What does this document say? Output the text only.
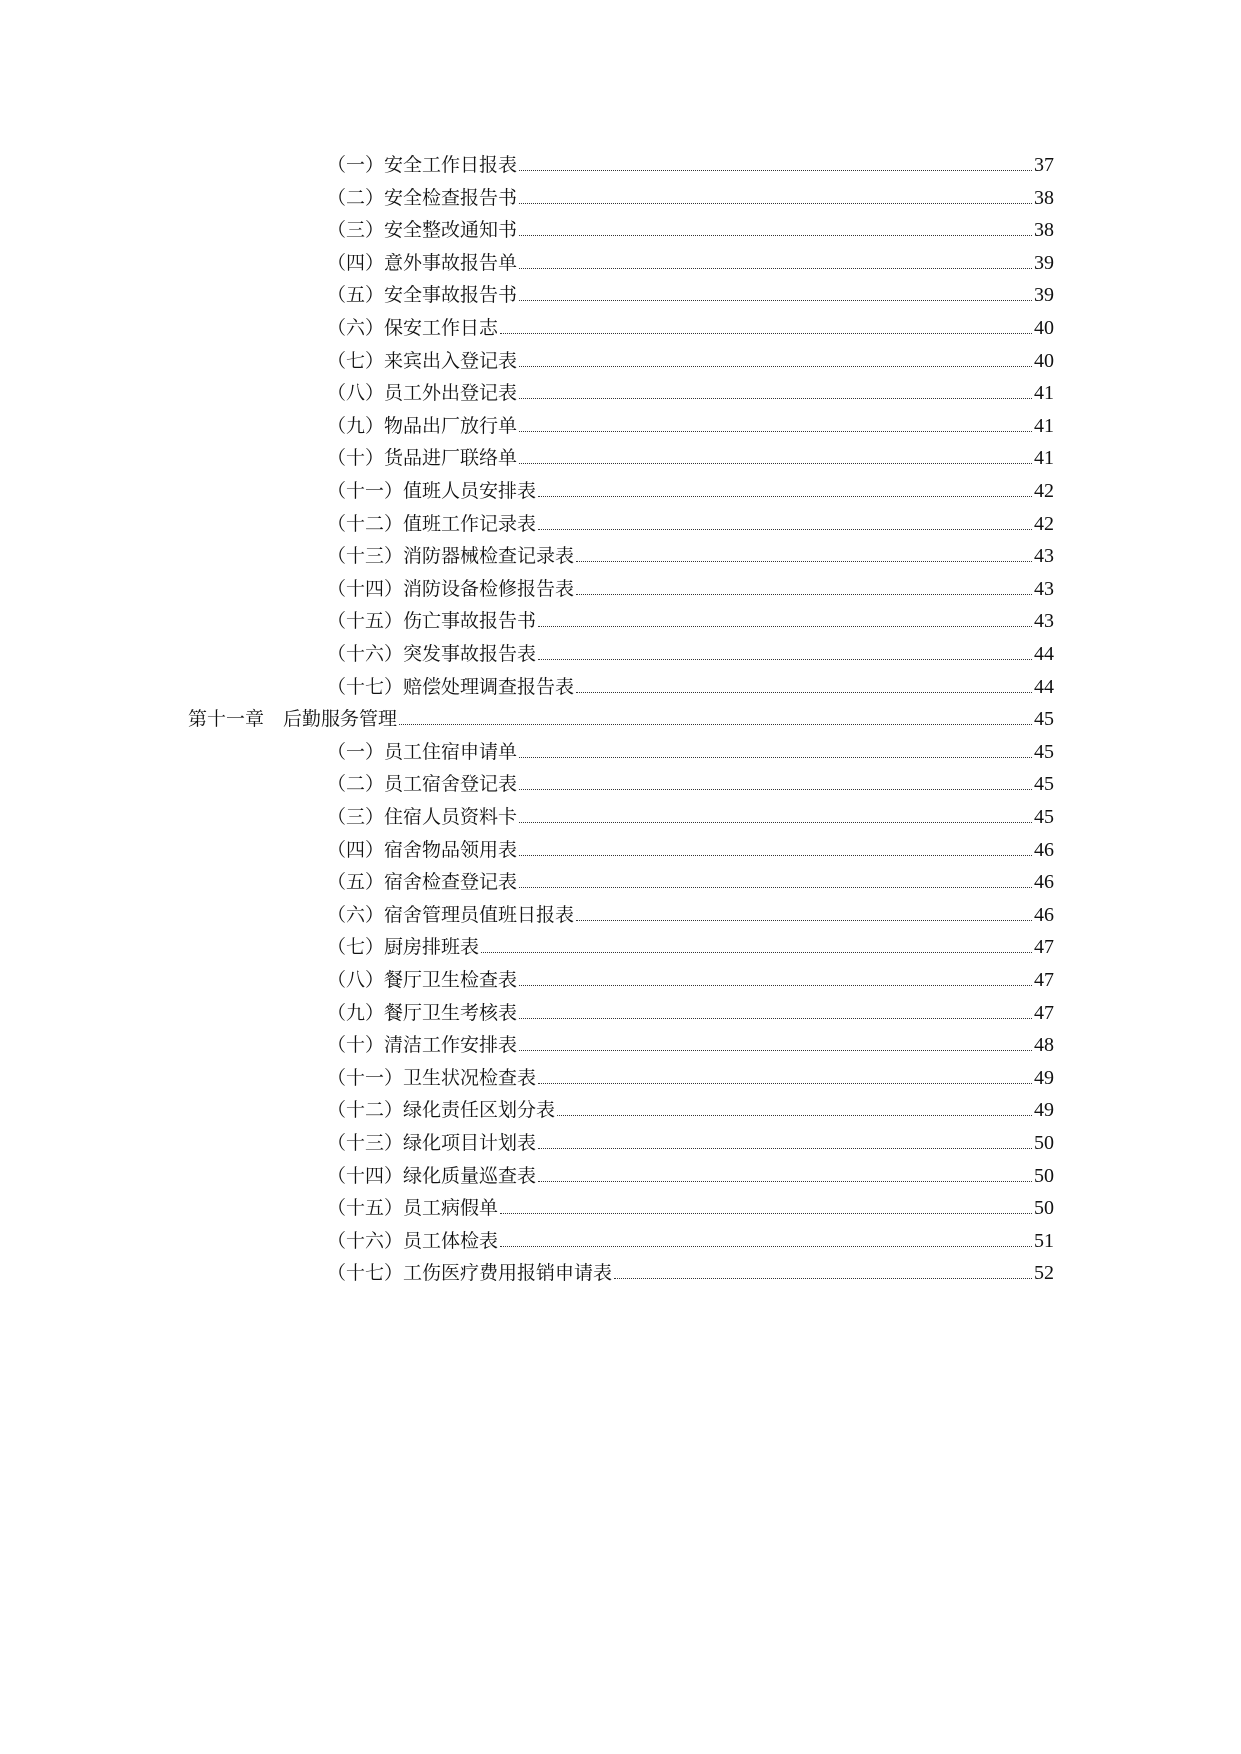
（一）安全工作日报表	37
（二）安全检查报告书	38
（三）安全整改通知书	38
（四）意外事故报告单	39
（五）安全事故报告书	39
（六）保安工作日志	40
（七）来宾出入登记表	40
（八）员工外出登记表	41
（九）物品出厂放行单	41
（十）货品进厂联络单	41
（十一）值班人员安排表	42
（十二）值班工作记录表	42
（十三）消防器械检查记录表	43
（十四）消防设备检修报告表	43
（十五）伤亡事故报告书	43
（十六）突发事故报告表	44
（十七）赔偿处理调查报告表	44
第十一章　后勤服务管理	45
（一）员工住宿申请单	45
（二）员工宿舍登记表	45
（三）住宿人员资料卡	45
（四）宿舍物品领用表	46
（五）宿舍检查登记表	46
（六）宿舍管理员值班日报表	46
（七）厨房排班表	47
（八）餐厅卫生检查表	47
（九）餐厅卫生考核表	47
（十）清洁工作安排表	48
（十一）卫生状况检查表	49
（十二）绿化责任区划分表	49
（十三）绿化项目计划表	50
（十四）绿化质量巡查表	50
（十五）员工病假单	50
（十六）员工体检表	51
（十七）工伤医疗费用报销申请表	52
